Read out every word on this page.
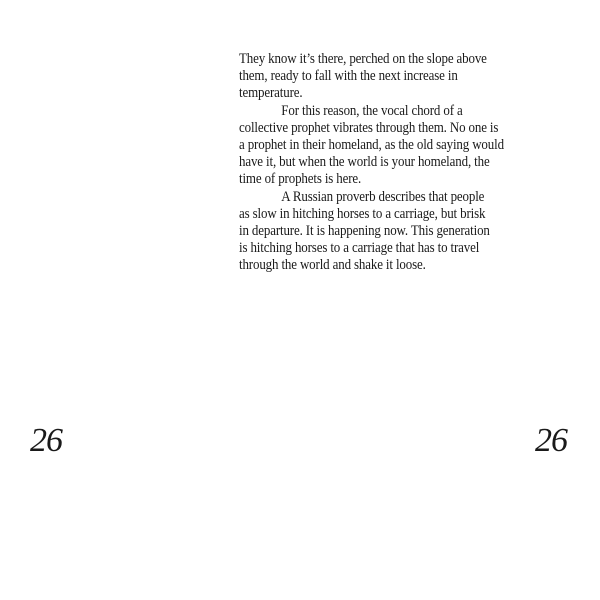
They know it’s there, perched on the slope above
them, ready to fall with the next increase in
temperature.
For this reason, the vocal chord of a
collective prophet vibrates through them. No one is
a prophet in their homeland, as the old saying would
have it, but when the world is your homeland, the
time of prophets is here.
A Russian proverb describes that people
as slow in hitching horses to a carriage, but brisk
in departure. It is happening now. This generation
is hitching horses to a carriage that has to travel
through the world and shake it loose.
26	26
